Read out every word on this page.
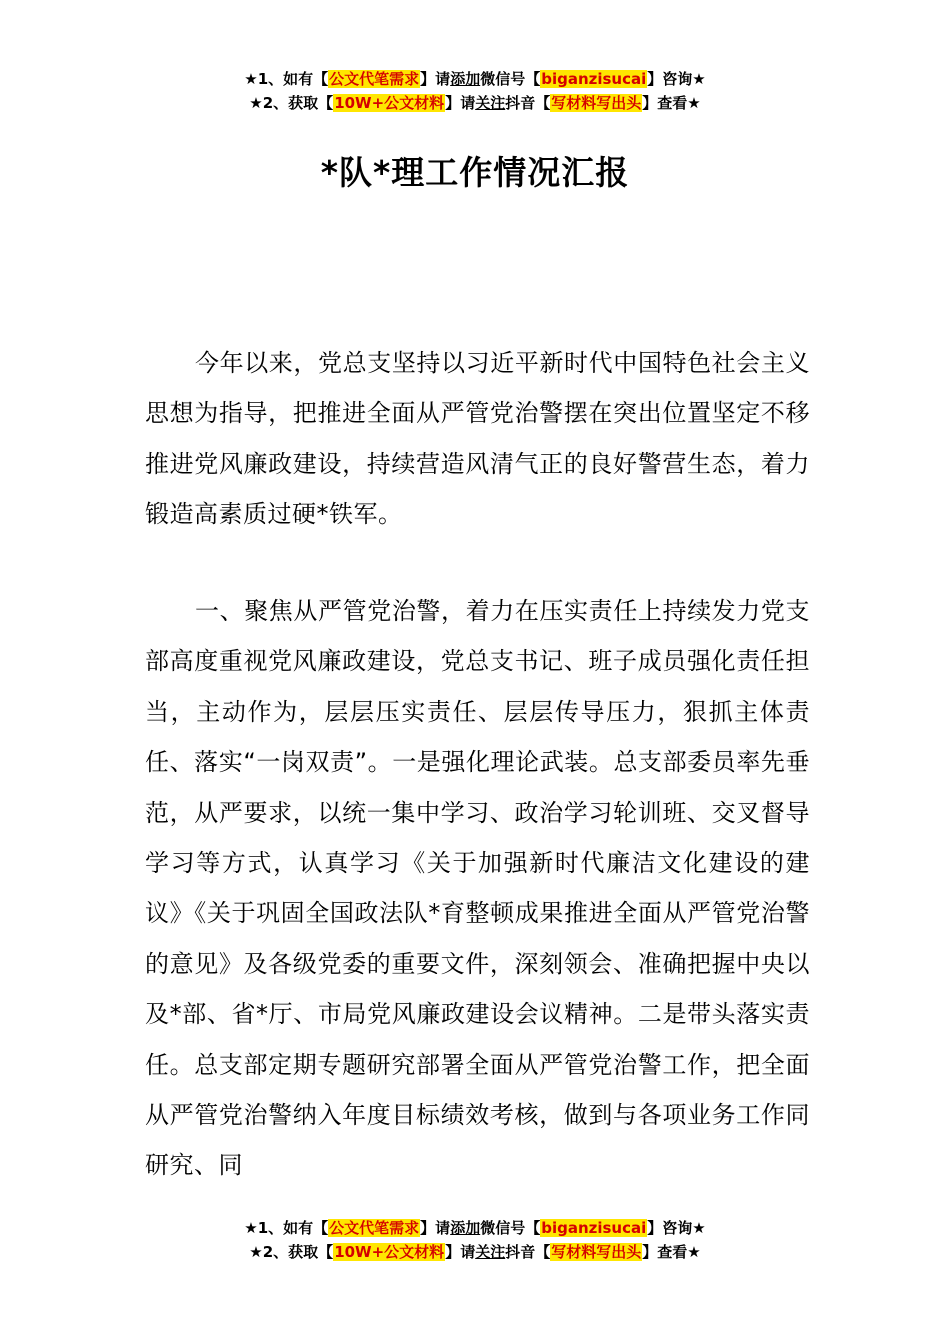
★1、如有【公文代笔需求】请添加微信号【biganzisucai】咨询★
★2、获取【10W+公文材料】请关注抖音【写材料写出头】查看★
*队*理工作情况汇报
今年以来，党总支坚持以习近平新时代中国特色社会主义思想为指导，把推进全面从严管党治警摆在突出位置坚定不移推进党风廉政建设，持续营造风清气正的良好警营生态，着力锻造高素质过硬*铁军。
一、聚焦从严管党治警，着力在压实责任上持续发力党支部高度重视党风廉政建设，党总支书记、班子成员强化责任担当，主动作为，层层压实责任、层层传导压力，狠抓主体责任、落实“一岗双责”。一是强化理论武装。总支部委员率先垂范，从严要求，以统一集中学习、政治学习轮训班、交叉督导学习等方式，认真学习《关于加强新时代廉洁文化建设的建议》《关于巩固全国政法队*育整顿成果推进全面从严管党治警的意见》及各级党委的重要文件，深刻领会、准确把握中央以及*部、省*厅、市局党风廉政建设会议精神。二是带头落实责任。总支部定期专题研究部署全面从严管党治警工作，把全面从严管党治警纳入年度目标绩效考核，做到与各项业务工作同研究、同
★1、如有【公文代笔需求】请添加微信号【biganzisucai】咨询★
★2、获取【10W+公文材料】请关注抖音【写材料写出头】查看★
